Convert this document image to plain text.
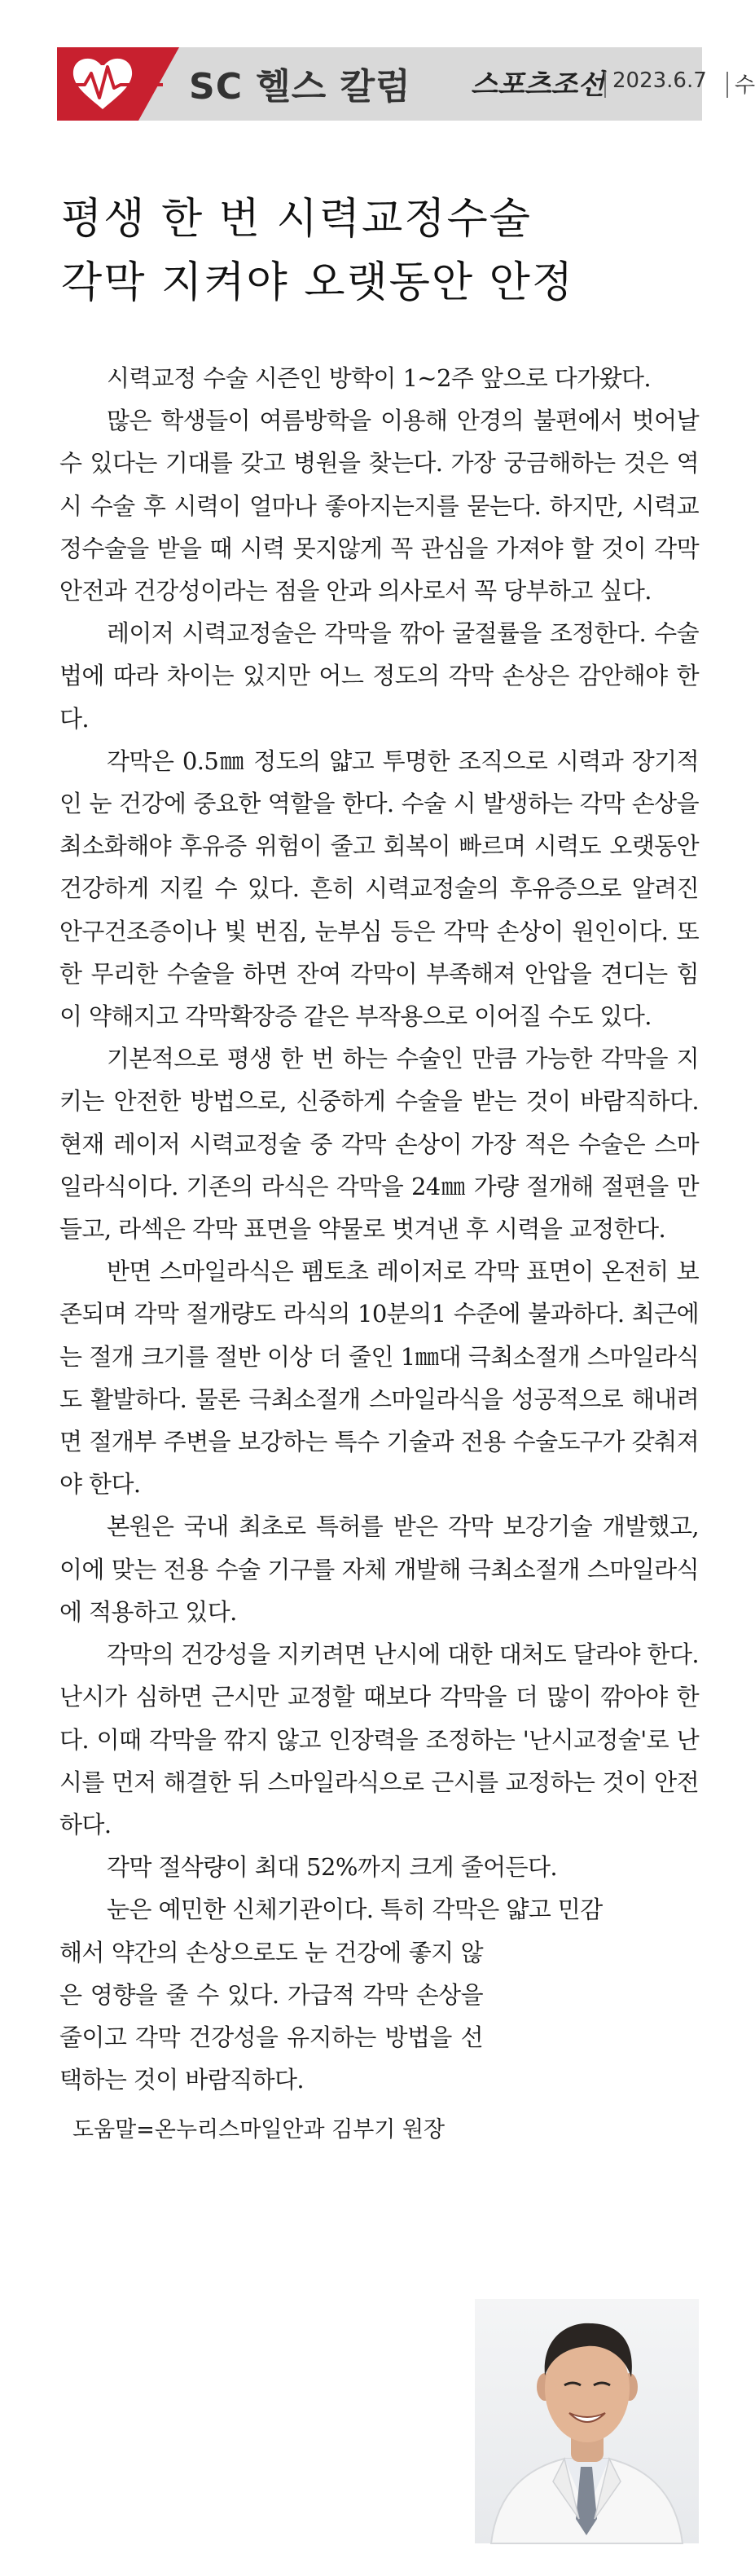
SC 헬스 칼럼 스포츠조선 2023.6.7 수
평생 한 번 시력교정수술
각막 지켜야 오랫동안 안정

시력교정 수술 시즌인 방학이 1~2주 앞으로 다가왔다.

많은 학생들이 여름방학을 이용해 안경의 불편에서 벗어날 수 있다는 기대를 갖고 병원을 찾는다. 가장 궁금해하는 것은 역시 수술 후 시력이 얼마나 좋아지는지를 묻는다. 하지만, 시력교정수술을 받을 때 시력 못지않게 꼭 관심을 가져야 할 것이 각막 안전과 건강성이라는 점을 안과 의사로서 꼭 당부하고 싶다.

레이저 시력교정술은 각막을 깎아 굴절률을 조정한다. 수술법에 따라 차이는 있지만 어느 정도의 각막 손상은 감안해야 한다.

각막은 0.5㎜ 정도의 얇고 투명한 조직으로 시력과 장기적인 눈 건강에 중요한 역할을 한다. 수술 시 발생하는 각막 손상을 최소화해야 후유증 위험이 줄고 회복이 빠르며 시력도 오랫동안 건강하게 지킬 수 있다. 흔히 시력교정술의 후유증으로 알려진 안구건조증이나 빛 번짐, 눈부심 등은 각막 손상이 원인이다. 또한 무리한 수술을 하면 잔여 각막이 부족해져 안압을 견디는 힘이 약해지고 각막확장증 같은 부작용으로 이어질 수도 있다.

기본적으로 평생 한 번 하는 수술인 만큼 가능한 각막을 지키는 안전한 방법으로, 신중하게 수술을 받는 것이 바람직하다. 현재 레이저 시력교정술 중 각막 손상이 가장 적은 수술은 스마일라식이다. 기존의 라식은 각막을 24㎜ 가량 절개해 절편을 만들고, 라섹은 각막 표면을 약물로 벗겨낸 후 시력을 교정한다.

반면 스마일라식은 펨토초 레이저로 각막 표면이 온전히 보존되며 각막 절개량도 라식의 10분의1 수준에 불과하다. 최근에는 절개 크기를 절반 이상 더 줄인 1㎜대 극최소절개 스마일라식도 활발하다. 물론 극최소절개 스마일라식을 성공적으로 해내려면 절개부 주변을 보강하는 특수 기술과 전용 수술도구가 갖춰져야 한다.

본원은 국내 최초로 특허를 받은 각막 보강기술 개발했고, 이에 맞는 전용 수술 기구를 자체 개발해 극최소절개 스마일라식에 적용하고 있다.

각막의 건강성을 지키려면 난시에 대한 대처도 달라야 한다. 난시가 심하면 근시만 교정할 때보다 각막을 더 많이 깎아야 한다. 이때 각막을 깎지 않고 인장력을 조정하는 '난시교정술'로 난시를 먼저 해결한 뒤 스마일라식으로 근시를 교정하는 것이 안전하다.

각막 절삭량이 최대 52%까지 크게 줄어든다.

눈은 예민한 신체기관이다. 특히 각막은 얇고 민감

해서 약간의 손상으로도 눈 건강에 좋지 않은 영향을 줄 수 있다. 가급적 각막 손상을 줄이고 각막 건강성을 유지하는 방법을 선택하는 것이 바람직하다.

도움말=온누리스마일안과 김부기 원장
